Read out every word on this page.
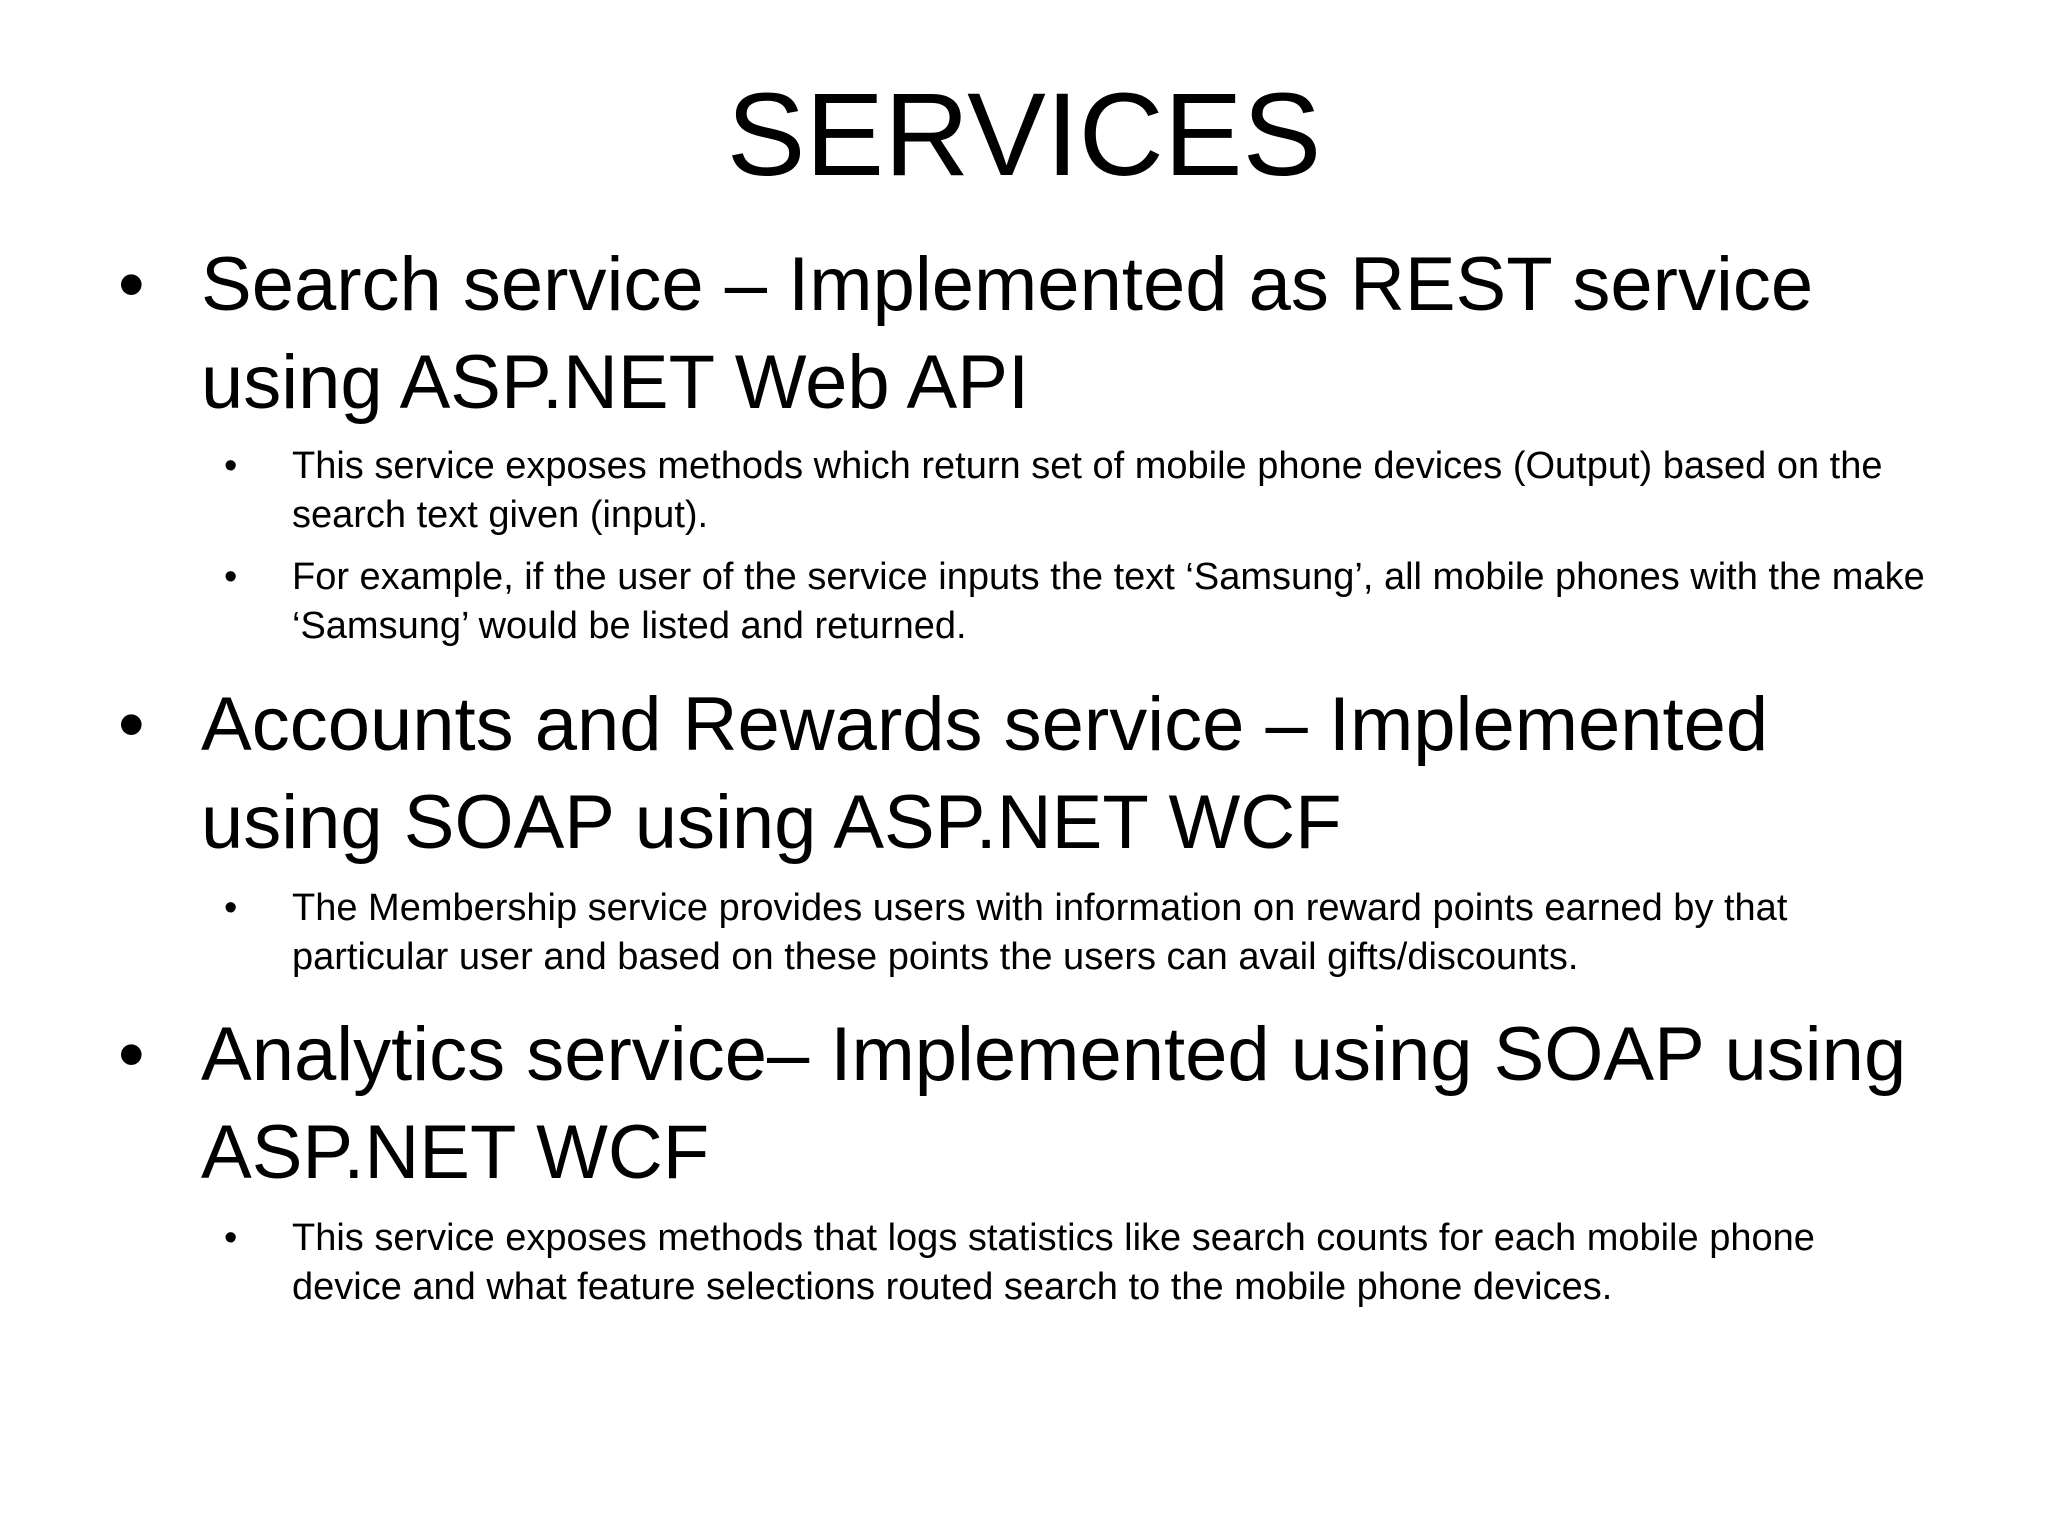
SERVICES
• Search service – Implemented as REST service using ASP.NET Web API
•	This service exposes methods which return set of mobile phone devices (Output) based on the search text given (input).
•	For example, if the user of the service inputs the text ‘Samsung’, all mobile phones with the make ‘Samsung’ would be listed and returned.
• Accounts and Rewards service – Implemented using SOAP using ASP.NET WCF
•	The Membership service provides users with information on reward points earned by that particular user and based on these points the users can avail gifts/discounts.
• Analytics service– Implemented using SOAP using ASP.NET WCF
•	This service exposes methods that logs statistics like search counts for each mobile phone device and what feature selections routed search to the mobile phone devices.
